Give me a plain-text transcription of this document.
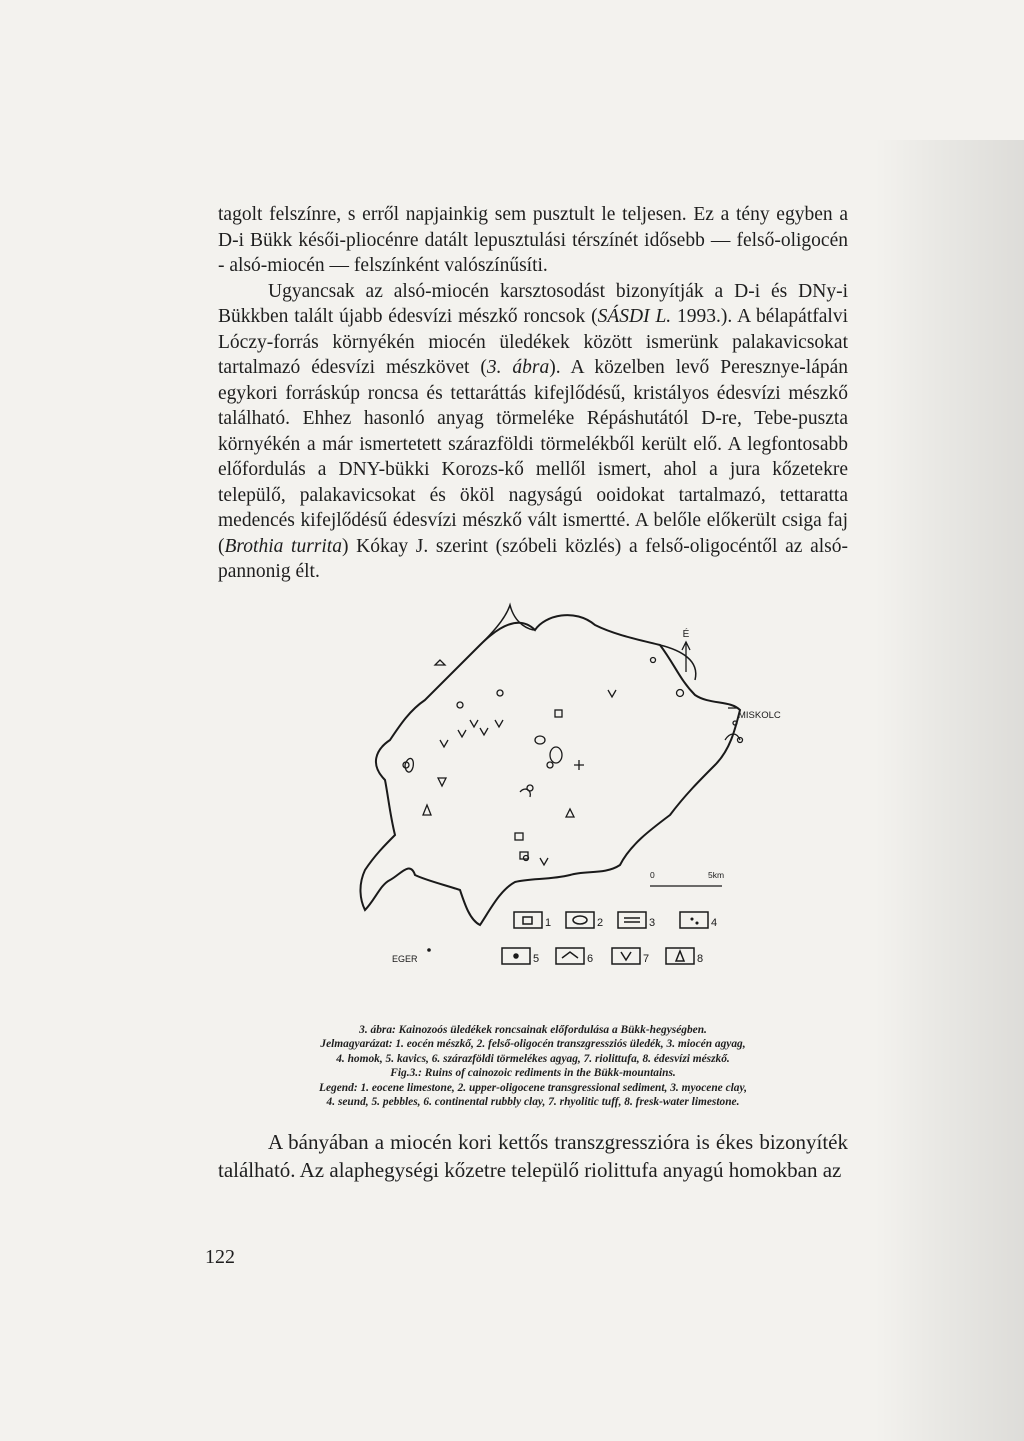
tagolt felszínre, s erről napjainkig sem pusztult le teljesen. Ez a tény egyben a D-i Bükk késői-pliocénre datált lepusztulási térszínét idősebb — felső-oligocén - alsó-miocén — felszínként valószínűsíti.

Ugyancsak az alsó-miocén karsztosodást bizonyítják a D-i és DNy-i Bükkben talált újabb édesvízi mészkő roncsok (SÁSDI L. 1993.). A bélapátfalvi Lóczy-forrás környékén miocén üledékek között ismerünk palakavicsokat tartalmazó édesvízi mészkövet (3. ábra). A közelben levő Peresznye-lápán egykori forráskúp roncsa és tettaráttás kifejlődésű, kristályos édesvízi mészkő található. Ehhez hasonló anyag törmeléke Répáshutától D-re, Tebe-puszta környékén a már ismertetett szárazföldi törmelékből került elő. A legfontosabb előfordulás a DNY-bükki Korozs-kő mellől ismert, ahol a jura kőzetekre települő, palakavicsokat és ököl nagyságú ooidokat tartalmazó, tettaratta medencés kifejlődésű édesvízi mészkő vált ismertté. A belőle előkerült csiga faj (Brothia turrita) Kókay J. szerint (szóbeli közlés) a felső-oligocéntől az alsó-pannonig élt.

É
MISKOLC
EGER
0	5km
1	2	3	4
5	6	7	8
3. ábra: Kainozoós üledékek roncsainak előfordulása a Bükk-hegységben.
Jelmagyarázat: 1. eocén mészkő, 2. felső-oligocén transzgressziós üledék, 3. miocén agyag,
4. homok, 5. kavics, 6. szárazföldi törmelékes agyag, 7. riolittufa, 8. édesvízi mészkő.
Fig.3.: Ruins of cainozoic rediments in the Bükk-mountains.
Legend: 1. eocene limestone, 2. upper-oligocene transgressional sediment, 3. myocene clay,
4. seund, 5. pebbles, 6. continental rubbly clay, 7. rhyolitic tuff, 8. fresk-water limestone.

A bányában a miocén kori kettős transzgresszióra is ékes bizonyíték található. Az alaphegységi kőzetre települő riolittufa anyagú homokban az

122
